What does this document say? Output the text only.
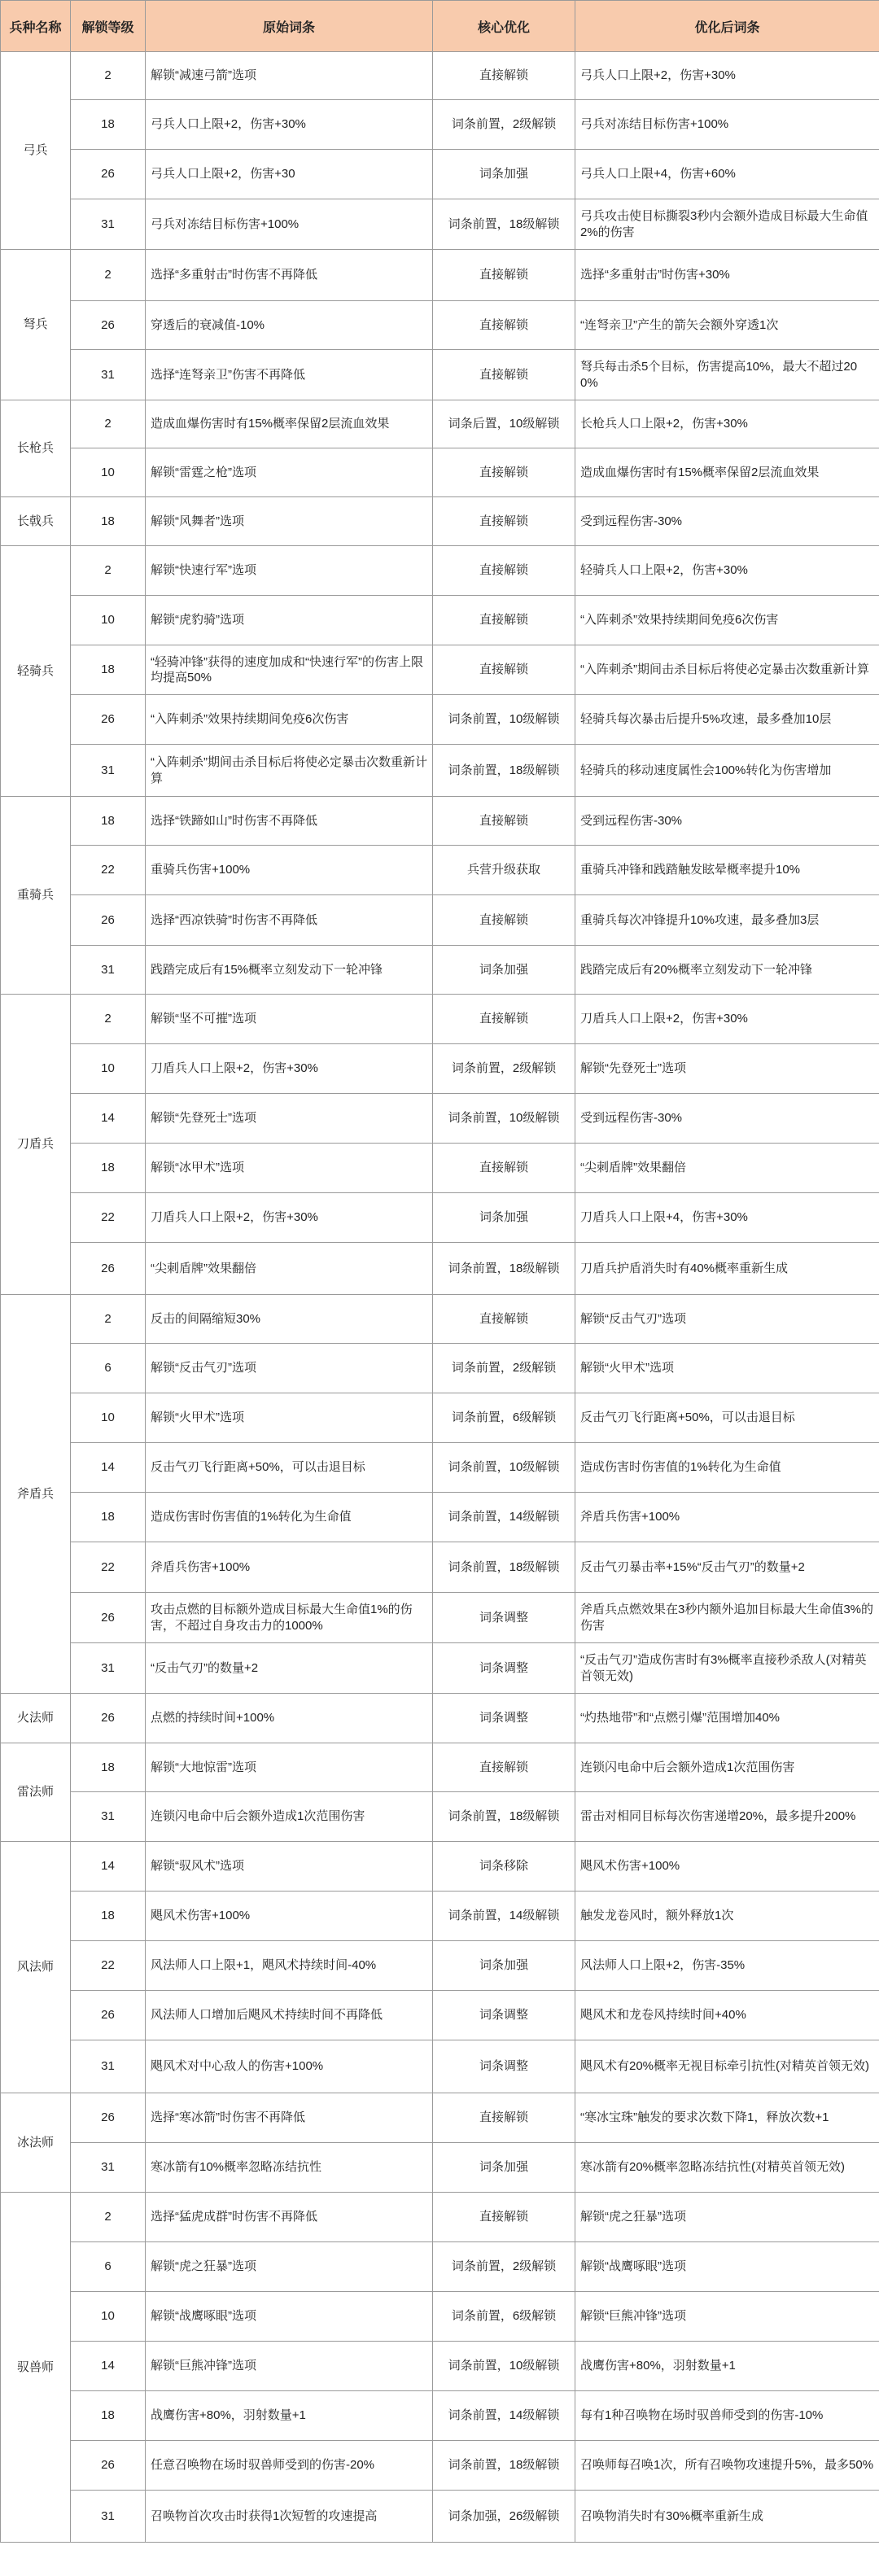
兵种名称	解锁等级	原始词条	核心优化	优化后词条
弓兵	2	解锁“减速弓箭”选项	直接解锁	弓兵人口上限+2，伤害+30%
	18	弓兵人口上限+2，伤害+30%	词条前置，2级解锁	弓兵对冻结目标伤害+100%
	26	弓兵人口上限+2，伤害+30	词条加强	弓兵人口上限+4，伤害+60%
	31	弓兵对冻结目标伤害+100%	词条前置，18级解锁	弓兵攻击使目标撕裂3秒内会额外造成目标最大生命值2%的伤害
弩兵	2	选择“多重射击”时伤害不再降低	直接解锁	选择“多重射击”时伤害+30%
	26	穿透后的衰减值-10%	直接解锁	“连弩亲卫”产生的箭矢会额外穿透1次
	31	选择“连弩亲卫”伤害不再降低	直接解锁	弩兵每击杀5个目标，伤害提高10%，最大不超过200%
长枪兵	2	造成血爆伤害时有15%概率保留2层流血效果	词条后置，10级解锁	长枪兵人口上限+2，伤害+30%
	10	解锁“雷霆之枪”选项	直接解锁	造成血爆伤害时有15%概率保留2层流血效果
长戟兵	18	解锁“风舞者”选项	直接解锁	受到远程伤害-30%
轻骑兵	2	解锁“快速行军”选项	直接解锁	轻骑兵人口上限+2，伤害+30%
	10	解锁“虎豹骑”选项	直接解锁	“入阵刺杀”效果持续期间免疫6次伤害
	18	“轻骑冲锋”获得的速度加成和“快速行军”的伤害上限均提高50%	直接解锁	“入阵刺杀”期间击杀目标后将使必定暴击次数重新计算
	26	“入阵刺杀”效果持续期间免疫6次伤害	词条前置，10级解锁	轻骑兵每次暴击后提升5%攻速，最多叠加10层
	31	“入阵刺杀”期间击杀目标后将使必定暴击次数重新计算	词条前置，18级解锁	轻骑兵的移动速度属性会100%转化为伤害增加
重骑兵	18	选择“铁蹄如山”时伤害不再降低	直接解锁	受到远程伤害-30%
	22	重骑兵伤害+100%	兵营升级获取	重骑兵冲锋和践踏触发眩晕概率提升10%
	26	选择“西凉铁骑”时伤害不再降低	直接解锁	重骑兵每次冲锋提升10%攻速，最多叠加3层
	31	践踏完成后有15%概率立刻发动下一轮冲锋	词条加强	践踏完成后有20%概率立刻发动下一轮冲锋
刀盾兵	2	解锁“坚不可摧”选项	直接解锁	刀盾兵人口上限+2，伤害+30%
	10	刀盾兵人口上限+2，伤害+30%	词条前置，2级解锁	解锁“先登死士”选项
	14	解锁“先登死士”选项	词条前置，10级解锁	受到远程伤害-30%
	18	解锁“冰甲术”选项	直接解锁	“尖刺盾牌”效果翻倍
	22	刀盾兵人口上限+2，伤害+30%	词条加强	刀盾兵人口上限+4，伤害+30%
	26	“尖刺盾牌”效果翻倍	词条前置，18级解锁	刀盾兵护盾消失时有40%概率重新生成
斧盾兵	2	反击的间隔缩短30%	直接解锁	解锁“反击气刃”选项
	6	解锁“反击气刃”选项	词条前置，2级解锁	解锁“火甲术”选项
	10	解锁“火甲术”选项	词条前置，6级解锁	反击气刃飞行距离+50%，可以击退目标
	14	反击气刃飞行距离+50%，可以击退目标	词条前置，10级解锁	造成伤害时伤害值的1%转化为生命值
	18	造成伤害时伤害值的1%转化为生命值	词条前置，14级解锁	斧盾兵伤害+100%
	22	斧盾兵伤害+100%	词条前置，18级解锁	反击气刃暴击率+15%“反击气刃”的数量+2
	26	攻击点燃的目标额外造成目标最大生命值1%的伤害，不超过自身攻击力的1000%	词条调整	斧盾兵点燃效果在3秒内额外追加目标最大生命值3%的伤害
	31	“反击气刃”的数量+2	词条调整	“反击气刃”造成伤害时有3%概率直接秒杀敌人(对精英首领无效)
火法师	26	点燃的持续时间+100%	词条调整	“灼热地带”和“点燃引爆”范围增加40%
雷法师	18	解锁“大地惊雷”选项	直接解锁	连锁闪电命中后会额外造成1次范围伤害
	31	连锁闪电命中后会额外造成1次范围伤害	词条前置，18级解锁	雷击对相同目标每次伤害递增20%，最多提升200%
风法师	14	解锁“驭风术”选项	词条移除	飓风术伤害+100%
	18	飓风术伤害+100%	词条前置，14级解锁	触发龙卷风时，额外释放1次
	22	风法师人口上限+1，飓风术持续时间-40%	词条加强	风法师人口上限+2，伤害-35%
	26	风法师人口增加后飓风术持续时间不再降低	词条调整	飓风术和龙卷风持续时间+40%
	31	飓风术对中心敌人的伤害+100%	词条调整	飓风术有20%概率无视目标牵引抗性(对精英首领无效)
冰法师	26	选择“寒冰箭”时伤害不再降低	直接解锁	“寒冰宝珠”触发的要求次数下降1，释放次数+1
	31	寒冰箭有10%概率忽略冻结抗性	词条加强	寒冰箭有20%概率忽略冻结抗性(对精英首领无效)
驭兽师	2	选择“猛虎成群”时伤害不再降低	直接解锁	解锁“虎之狂暴”选项
	6	解锁“虎之狂暴”选项	词条前置，2级解锁	解锁“战鹰啄眼”选项
	10	解锁“战鹰啄眼”选项	词条前置，6级解锁	解锁“巨熊冲锋”选项
	14	解锁“巨熊冲锋”选项	词条前置，10级解锁	战鹰伤害+80%，羽射数量+1
	18	战鹰伤害+80%，羽射数量+1	词条前置，14级解锁	每有1种召唤物在场时驭兽师受到的伤害-10%
	26	任意召唤物在场时驭兽师受到的伤害-20%	词条前置，18级解锁	召唤师每召唤1次，所有召唤物攻速提升5%，最多50%
	31	召唤物首次攻击时获得1次短暂的攻速提高	词条加强，26级解锁	召唤物消失时有30%概率重新生成
